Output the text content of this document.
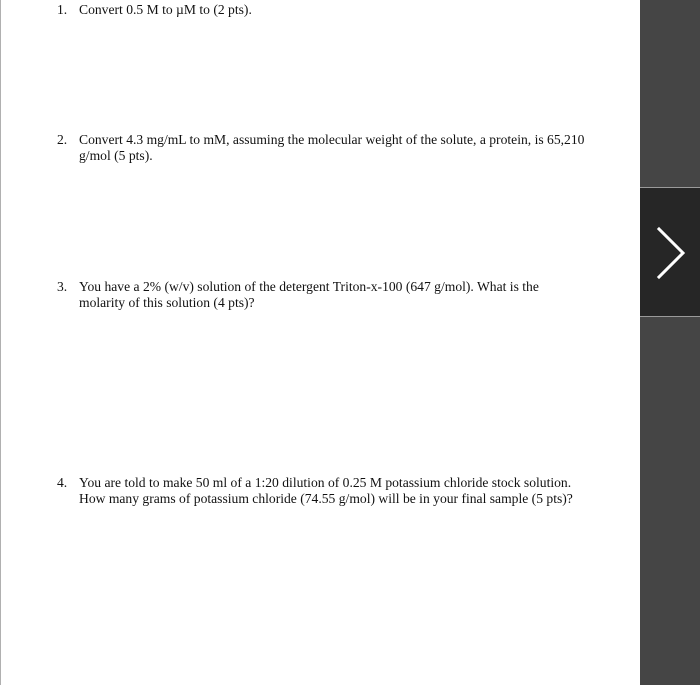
1. Convert 0.5 M to µM to (2 pts).
2. Convert 4.3 mg/mL to mM, assuming the molecular weight of the solute, a protein, is 65,210
g/mol (5 pts).
3. You have a 2% (w/v) solution of the detergent Triton-x-100 (647 g/mol). What is the
molarity of this solution (4 pts)?
4. You are told to make 50 ml of a 1:20 dilution of 0.25 M potassium chloride stock solution.
How many grams of potassium chloride (74.55 g/mol) will be in your final sample (5 pts)?
